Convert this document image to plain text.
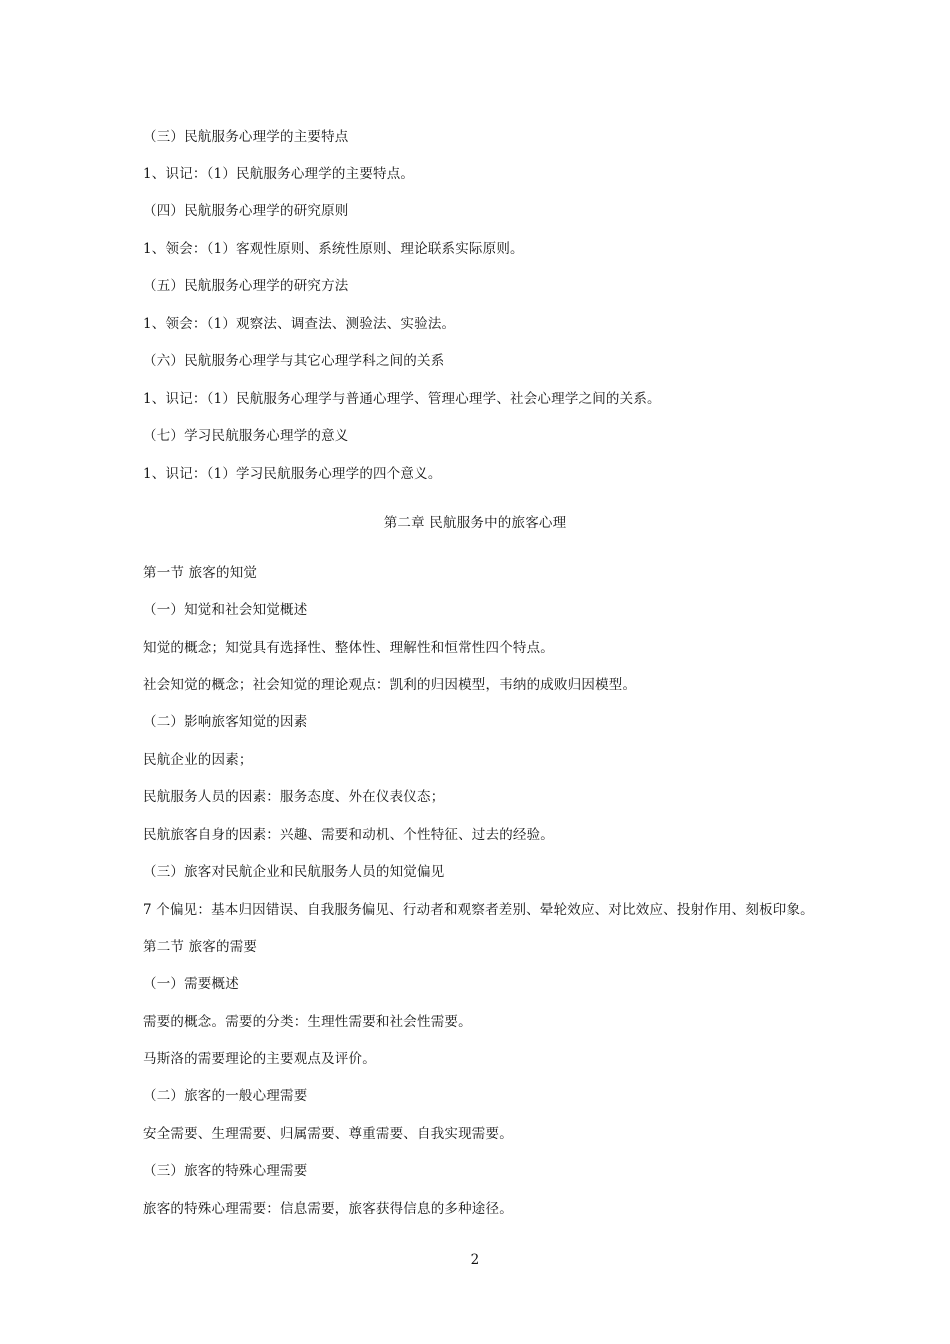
（三）民航服务心理学的主要特点
1、识记：（1）民航服务心理学的主要特点。
（四）民航服务心理学的研究原则
1、领会：（1）客观性原则、系统性原则、理论联系实际原则。
（五）民航服务心理学的研究方法
1、领会：（1）观察法、调查法、测验法、实验法。
（六）民航服务心理学与其它心理学科之间的关系
1、识记：（1）民航服务心理学与普通心理学、管理心理学、社会心理学之间的关系。
（七）学习民航服务心理学的意义
1、识记：（1）学习民航服务心理学的四个意义。
第二章 民航服务中的旅客心理
第一节 旅客的知觉
（一）知觉和社会知觉概述
知觉的概念；知觉具有选择性、整体性、理解性和恒常性四个特点。
社会知觉的概念；社会知觉的理论观点：凯利的归因模型，韦纳的成败归因模型。
（二）影响旅客知觉的因素
民航企业的因素；
民航服务人员的因素：服务态度、外在仪表仪态；
民航旅客自身的因素：兴趣、需要和动机、个性特征、过去的经验。
（三）旅客对民航企业和民航服务人员的知觉偏见
7 个偏见：基本归因错误、自我服务偏见、行动者和观察者差别、晕轮效应、对比效应、投射作用、刻板印象。
第二节 旅客的需要
（一）需要概述
需要的概念。需要的分类：生理性需要和社会性需要。
马斯洛的需要理论的主要观点及评价。
（二）旅客的一般心理需要
安全需要、生理需要、归属需要、尊重需要、自我实现需要。
（三）旅客的特殊心理需要
旅客的特殊心理需要：信息需要，旅客获得信息的多种途径。
2
